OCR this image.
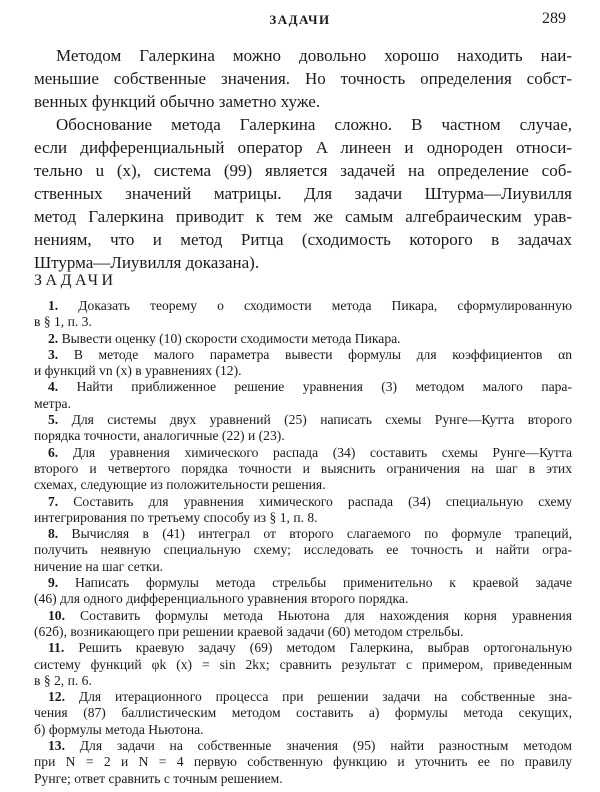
ЗАДАЧИ	289

Методом Галеркина можно довольно хорошо находить наи-
меньшие собственные значения. Но точность определения собст-
венных функций обычно заметно хуже.

Обоснование метода Галеркина сложно. В частном случае,
если дифференциальный оператор A линеен и однороден относи-
тельно u (x), система (99) является задачей на определение соб-
ственных значений матрицы. Для задачи Штурма—Лиувилля
метод Галеркина приводит к тем же самым алгебраическим урав-
нениям, что и метод Ритца (сходимость которого в задачах
Штурма—Лиувилля доказана).

ЗАДАЧИ

1. Доказать теорему о сходимости метода Пикара, сформулированную
в § 1, п. 3.

2. Вывести оценку (10) скорости сходимости метода Пикара.

3. В методе малого параметра вывести формулы для коэффициентов αn
и функций vn (x) в уравнениях (12).

4. Найти приближенное решение уравнения (3) методом малого пара-
метра.

5. Для системы двух уравнений (25) написать схемы Рунге—Кутта второго
порядка точности, аналогичные (22) и (23).

6. Для уравнения химического распада (34) составить схемы Рунге—Кутта
второго и четвертого порядка точности и выяснить ограничения на шаг в этих
схемах, следующие из положительности решения.

7. Составить для уравнения химического распада (34) специальную схему
интегрирования по третьему способу из § 1, п. 8.

8. Вычисляя в (41) интеграл от второго слагаемого по формуле трапеций,
получить неявную специальную схему; исследовать ее точность и найти огра-
ничение на шаг сетки.

9. Написать формулы метода стрельбы применительно к краевой задаче
(46) для одного дифференциального уравнения второго порядка.

10. Составить формулы метода Ньютона для нахождения корня уравнения
(62б), возникающего при решении краевой задачи (60) методом стрельбы.

11. Решить краевую задачу (69) методом Галеркина, выбрав ортогональную
систему функций φk (x) = sin 2kx; сравнить результат с примером, приведенным
в § 2, п. 6.

12. Для итерационного процесса при решении задачи на собственные зна-
чения (87) баллистическим методом составить а) формулы метода секущих,
б) формулы метода Ньютона.

13. Для задачи на собственные значения (95) найти разностным методом
при N = 2 и N = 4 первую собственную функцию и уточнить ее по правилу
Рунге; ответ сравнить с точным решением.
